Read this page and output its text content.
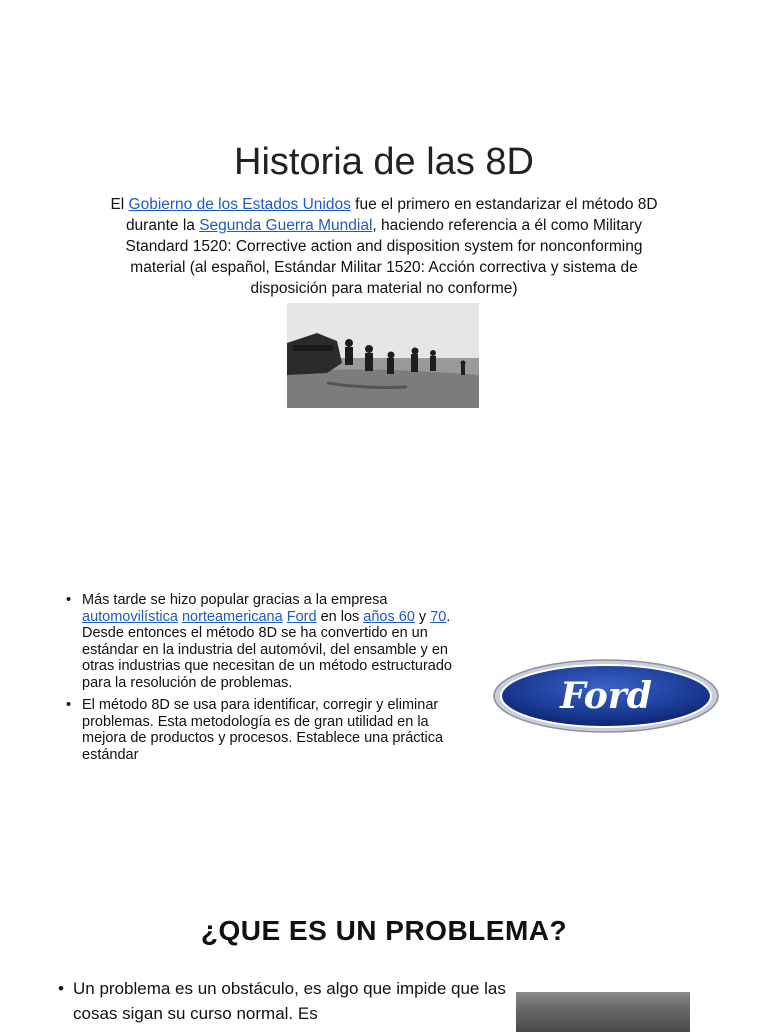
Historia de las 8D

El Gobierno de los Estados Unidos fue el primero en estandarizar el método 8D durante la Segunda Guerra Mundial, haciendo referencia a él como Military Standard 1520: Corrective action and disposition system for nonconforming material (al español, Estándar Militar 1520: Acción correctiva y sistema de disposición para material no conforme)

• Más tarde se hizo popular gracias a la empresa automovilística norteamericana Ford en los años 60 y 70. Desde entonces el método 8D se ha convertido en un estándar en la industria del automóvil, del ensamble y en otras industrias que necesitan de un método estructurado para la resolución de problemas.
• El método 8D se usa para identificar, corregir y eliminar problemas. Esta metodología es de gran utilidad en la mejora de productos y procesos. Establece una práctica estándar
Ford
¿QUE ES UN PROBLEMA?
• Un problema es un obstáculo, es algo que impide que las cosas sigan su curso normal. Es
